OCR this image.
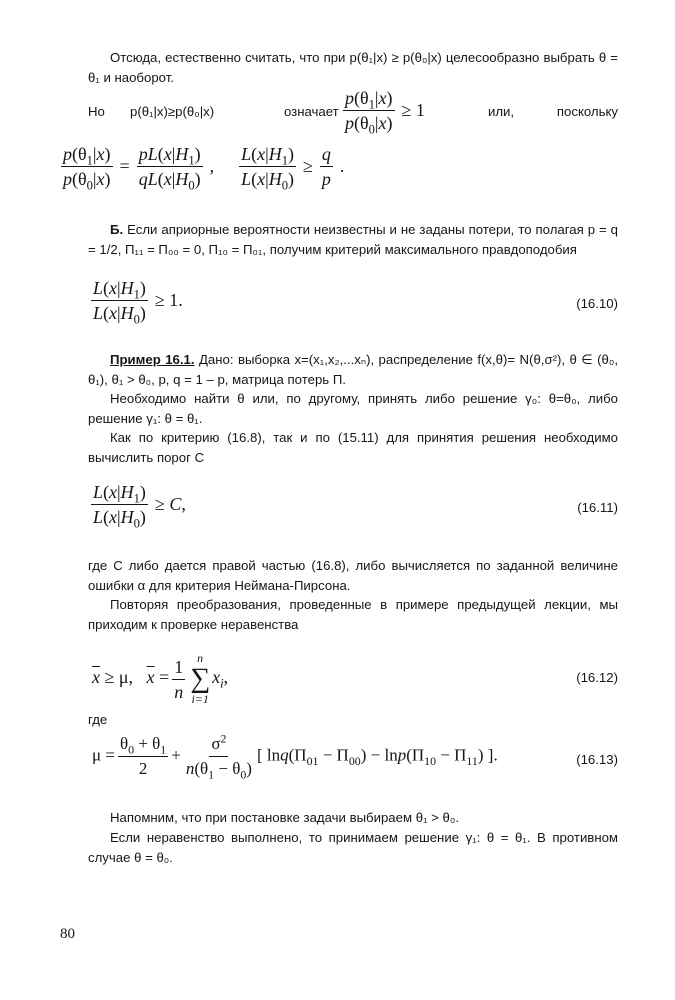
Отсюда, естественно считать, что при p(θ₁|x) ≥ p(θ₀|x) целесообразно выбрать θ = θ₁ и наоборот.

Но p(θ₁|x)≥p(θ₀|x)	означает $\frac{p(\theta_1|x)}{p(\theta_0|x)} \ge 1$	или,	поскольку
$\frac{p(\theta_1|x)}{p(\theta_0|x)} = \frac{pL(x|H_1)}{qL(x|H_0)}$ , $\frac{L(x|H_1)}{L(x|H_0)} \ge \frac{q}{p}$ .

Б. Если априорные вероятности неизвестны и не заданы потери, то полагая p = q = 1/2, П₁₁ = П₀₀ = 0, П₁₀ = П₀₁, получим критерий максимального правдоподобия

$\frac{L(x|H_1)}{L(x|H_0)} \ge 1$.	(16.10)

Пример 16.1. Дано: выборка x=(x₁,x₂,...xₙ), распределение f(x,θ)= N(θ,σ²), θ ∈ (θ₀, θ₁), θ₁ > θ₀, p, q = 1 – p, матрица потерь П.

Необходимо найти θ или, по другому, принять либо решение γ₀: θ=θ₀, либо решение γ₁: θ = θ₁.

Как по критерию (16.8), так и по (15.11) для принятия решения необходимо вычислить порог C

$\frac{L(x|H_1)}{L(x|H_0)} \ge C$,	(16.11)

где C либо дается правой частью (16.8), либо вычисляется по заданной величине ошибки α для критерия Неймана-Пирсона.

Повторяя преобразования, проведенные в примере предыдущей лекции, мы приходим к проверке неравенства

$\overline{x} \ge \mu$,   $\overline{x} = \frac{1}{n}$ n
∑
i=1
$x_i$,	(16.12)

где

$\mu = \frac{\theta_0 + \theta_1}{2} + \frac{\sigma^2}{n(\theta_1 - \theta_0)}$ [ $\ln q(\Pi_{01} - \Pi_{00}) - \ln p(\Pi_{10} - \Pi_{11})$ ].	(16.13)

Напомним, что при постановке задачи выбираем θ₁ > θ₀.

Если неравенство выполнено, то принимаем решение γ₁: θ = θ₁. В противном случае θ = θ₀.

80
